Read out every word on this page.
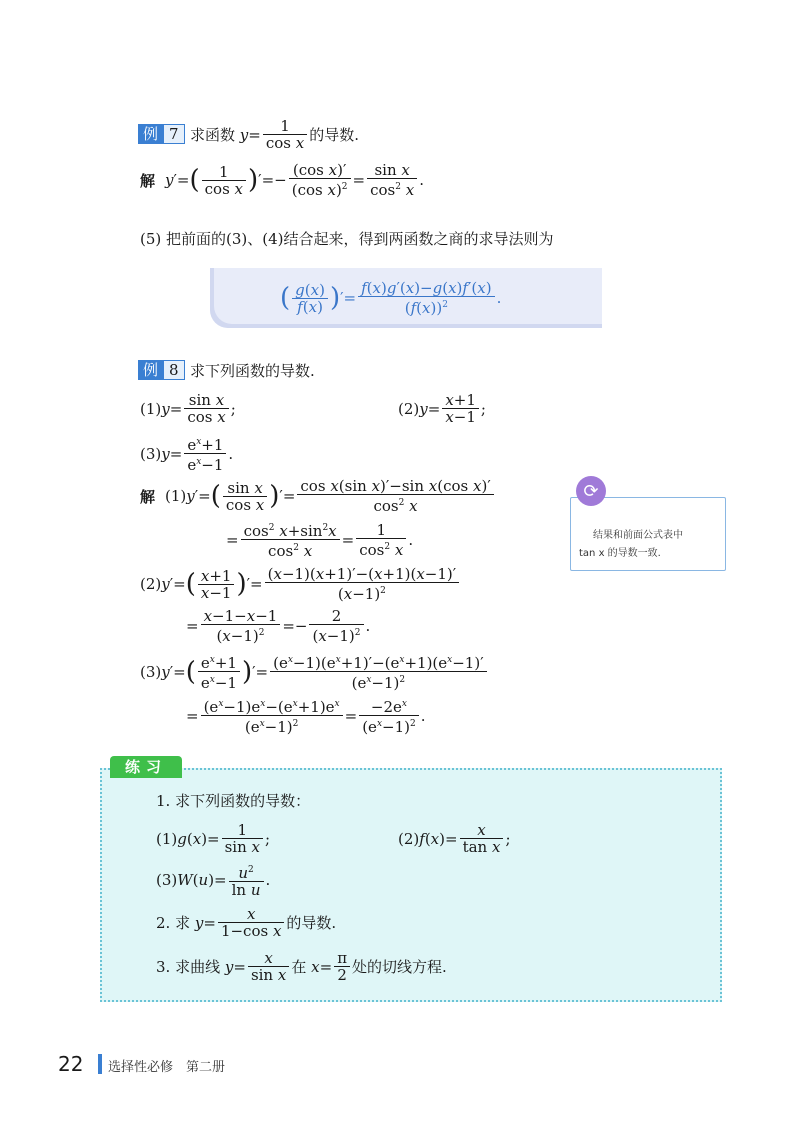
例 7 求函数
$y = \frac{1}{\text{cos x}}$ 的导数.
解 y ′= ( $\frac{1}{\text{cos x}}$ ) ′=− $\frac{\text{(cos x)′}}{(\cos x)^2} = \frac{\text{sin x}}{\cos^2 x}$ .
(5) 把前面的(3)、(4)结合起来，得到两函数之商的求导法则为
( $\frac{g(x)}{f(x)}$ ) ′= $\frac{f(x)g'(x)-g(x)f'(x)}{(f(x))^2}$ .
例 8 求下列函数的导数.
(1) $y = \frac{\text{sin x}}{\text{cos x}}$ ;	(2) $y = \frac{x+1}{x-1}$ ;
(3) $y = \frac{e^x+1}{e^x-1}$ .
解 (1) y ′= ( $\frac{\text{sin x}}{\text{cos x}}$ ) ′= $\frac{\text{cos x(sin x)′−sin x(cos x)′}}{\cos^2 x}$
= $\frac{\cos^2 x+\sin^2x}{\cos^2 x} = \frac{1}{\cos^2 x}$ .	结果和前面公式表中
tan x 的导数一致.
⟳
(2) y ′= ( $\frac{x+1}{x-1}$ ) ′= $\frac{(x-1)(x+1)'-(x+1)(x-1)'}{(x-1)^2}$
= $\frac{x-1-x-1}{(x-1)^2} =- \frac{2}{(x-1)^2}$ .
(3) y ′= ( $\frac{e^x+1}{e^x-1}$ ) ′= $\frac{(e^x-1)(e^x+1)'-(e^x+1)(e^x-1)'}{(e^x-1)^2}$
= $\frac{(e^x-1)e^x-(e^x+1)e^x}{(e^x-1)^2} = \frac{-2e^x}{(e^x-1)^2}$ .
练习
1. 求下列函数的导数：
(1) g ( x )= $\frac{1}{\text{sin x}}$ ;	(2) f ( x )= $\frac{x}{\text{tan x}}$ ;
(3) W ( u )= $\frac{u^2}{\text{ln u}}$ .
2. 求
$y = \frac{x}{\text{1−cos x}}$ 的导数.
3. 求曲线
$y = \frac{x}{\text{sin x}}$ 在
$x = \frac{\pi}{2}$ 处的切线方程.
22 选择性必修　第二册
